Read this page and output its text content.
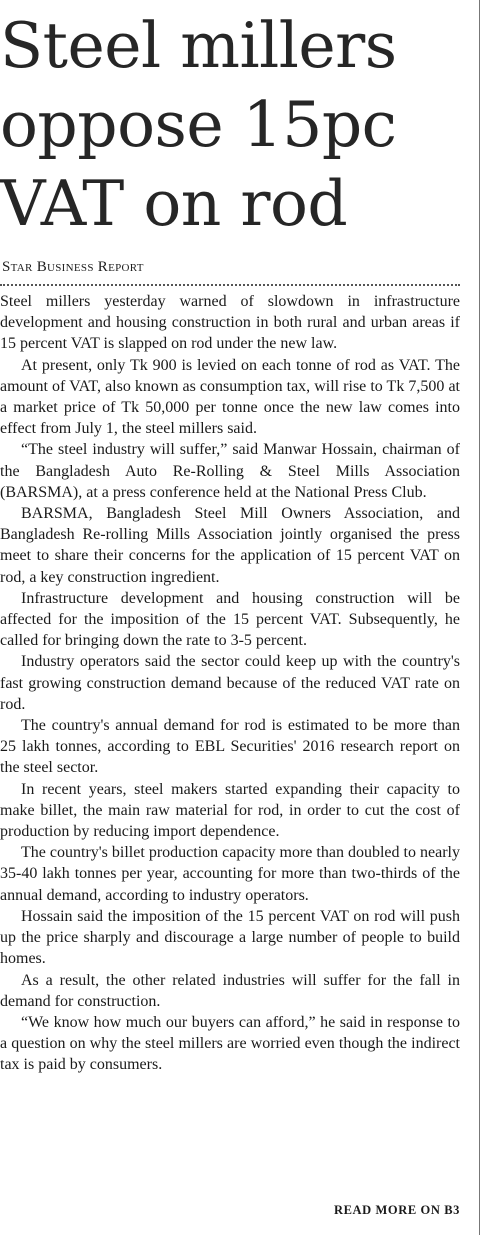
Steel millers oppose 15pc VAT on rod
Star Business Report

Steel millers yesterday warned of slowdown in infrastructure development and housing construction in both rural and urban areas if 15 percent VAT is slapped on rod under the new law.

At present, only Tk 900 is levied on each tonne of rod as VAT. The amount of VAT, also known as consumption tax, will rise to Tk 7,500 at a market price of Tk 50,000 per tonne once the new law comes into effect from July 1, the steel millers said.

“The steel industry will suffer,” said Manwar Hossain, chairman of the Bangladesh Auto Re-Rolling & Steel Mills Association (BARSMA), at a press conference held at the National Press Club.

BARSMA, Bangladesh Steel Mill Owners Association, and Bangladesh Re-rolling Mills Association jointly organised the press meet to share their concerns for the application of 15 percent VAT on rod, a key construction ingredient.

Infrastructure development and housing construction will be affected for the imposition of the 15 percent VAT. Subsequently, he called for bringing down the rate to 3-5 percent.

Industry operators said the sector could keep up with the country's fast growing construction demand because of the reduced VAT rate on rod.

The country's annual demand for rod is estimated to be more than 25 lakh tonnes, according to EBL Securities' 2016 research report on the steel sector.

In recent years, steel makers started expanding their capacity to make billet, the main raw material for rod, in order to cut the cost of production by reducing import dependence.

The country's billet production capacity more than doubled to nearly 35-40 lakh tonnes per year, accounting for more than two-thirds of the annual demand, according to industry operators.

Hossain said the imposition of the 15 percent VAT on rod will push up the price sharply and discourage a large number of people to build homes.

As a result, the other related industries will suffer for the fall in demand for construction.

“We know how much our buyers can afford,” he said in response to a question on why the steel millers are worried even though the indirect tax is paid by consumers.

READ MORE ON B3
